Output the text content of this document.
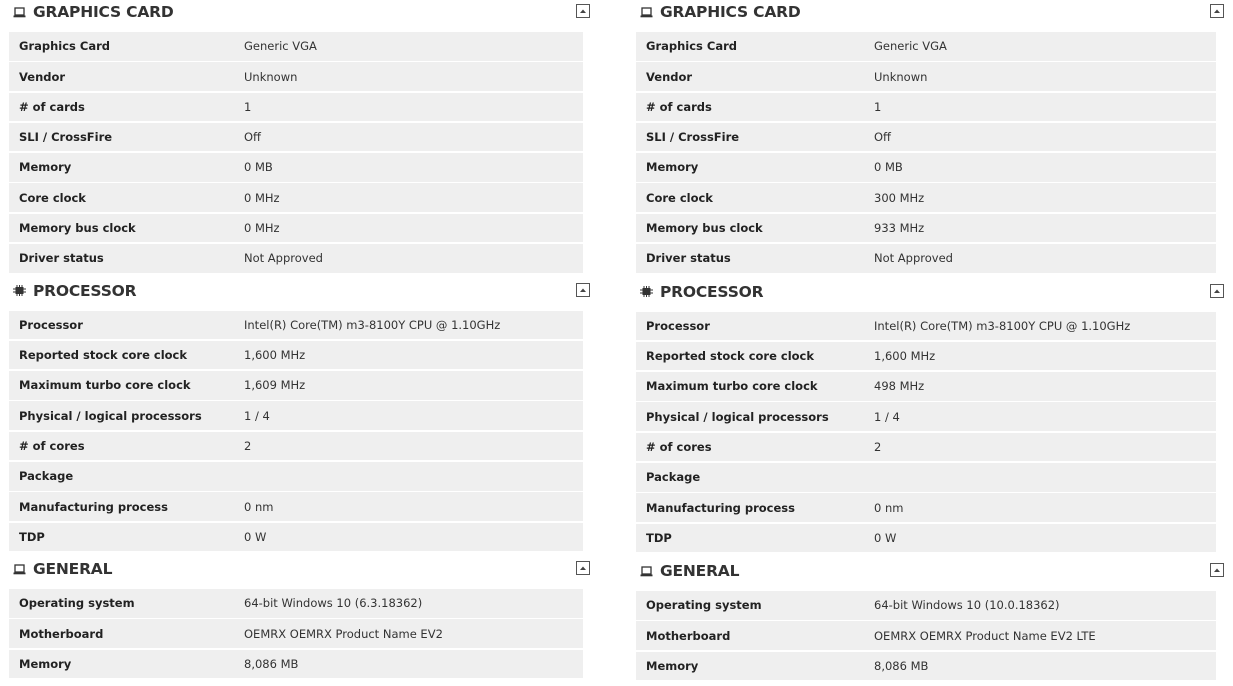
GRAPHICS CARD
Graphics Card	Generic VGA
Vendor	Unknown
# of cards	1
SLI / CrossFire	Off
Memory	0 MB
Core clock	0 MHz
Memory bus clock	0 MHz
Driver status	Not Approved
PROCESSOR
Processor	Intel(R) Core(TM) m3-8100Y CPU @ 1.10GHz
Reported stock core clock	1,600 MHz
Maximum turbo core clock	1,609 MHz
Physical / logical processors	1 / 4
# of cores	2
Package
Manufacturing process	0 nm
TDP	0 W
GENERAL
Operating system	64-bit Windows 10 (6.3.18362)
Motherboard	OEMRX OEMRX Product Name EV2
Memory	8,086 MB
GRAPHICS CARD
Graphics Card	Generic VGA
Vendor	Unknown
# of cards	1
SLI / CrossFire	Off
Memory	0 MB
Core clock	300 MHz
Memory bus clock	933 MHz
Driver status	Not Approved
PROCESSOR
Processor	Intel(R) Core(TM) m3-8100Y CPU @ 1.10GHz
Reported stock core clock	1,600 MHz
Maximum turbo core clock	498 MHz
Physical / logical processors	1 / 4
# of cores	2
Package
Manufacturing process	0 nm
TDP	0 W
GENERAL
Operating system	64-bit Windows 10 (10.0.18362)
Motherboard	OEMRX OEMRX Product Name EV2 LTE
Memory	8,086 MB
